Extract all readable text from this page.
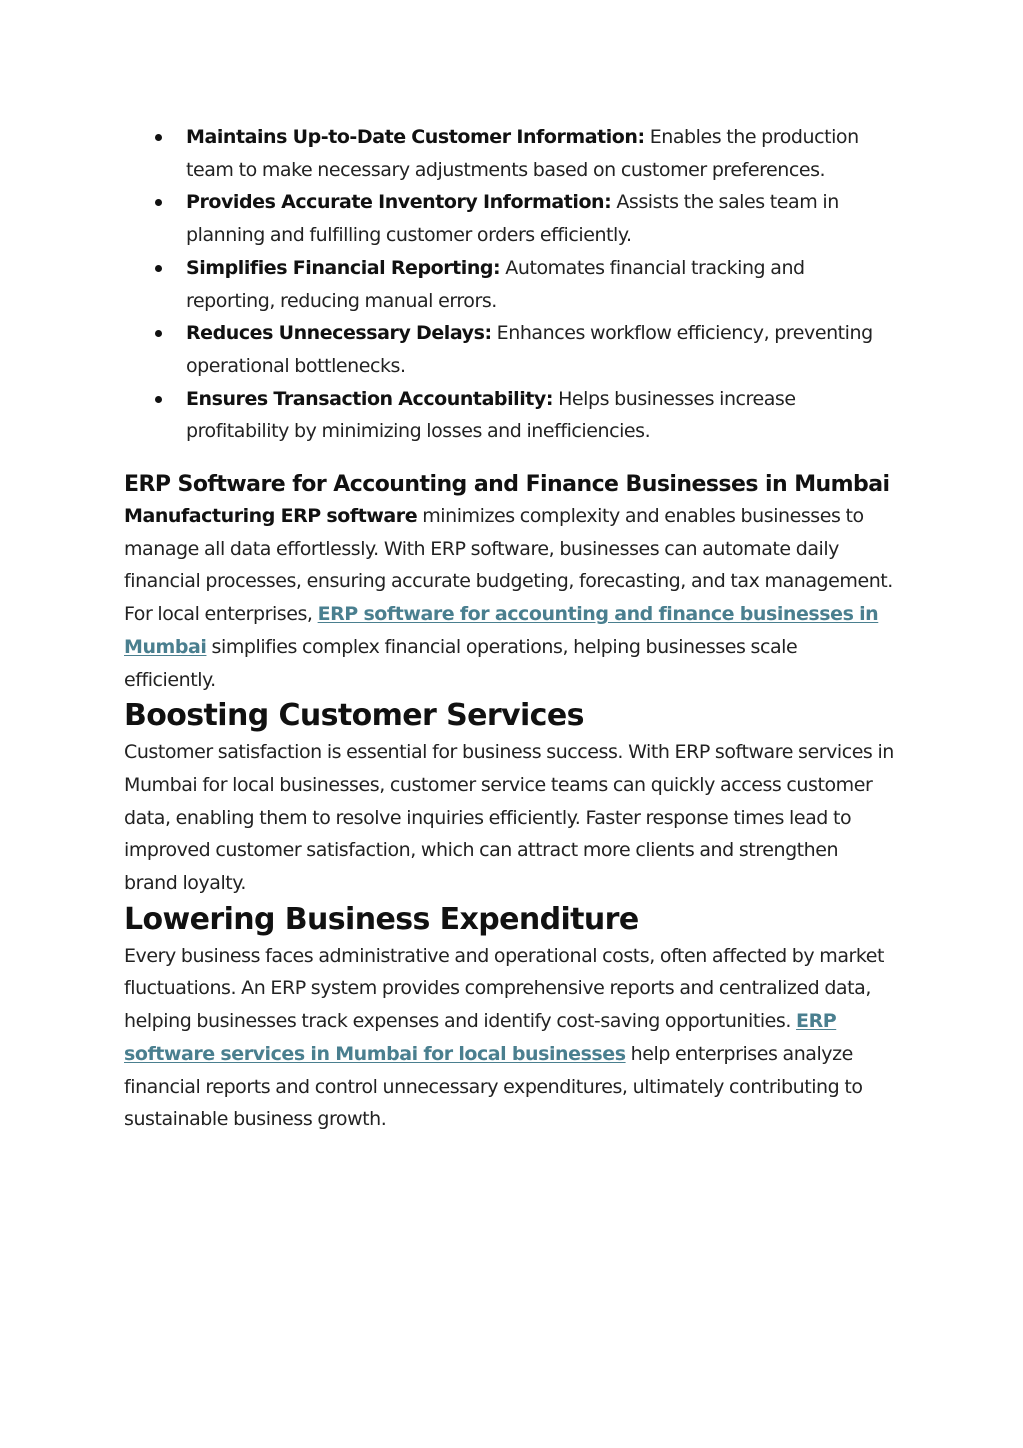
Maintains Up-to-Date Customer Information: Enables the production team to make necessary adjustments based on customer preferences.
Provides Accurate Inventory Information: Assists the sales team in planning and fulfilling customer orders efficiently.
Simplifies Financial Reporting: Automates financial tracking and reporting, reducing manual errors.
Reduces Unnecessary Delays: Enhances workflow efficiency, preventing operational bottlenecks.
Ensures Transaction Accountability: Helps businesses increase profitability by minimizing losses and inefficiencies.
ERP Software for Accounting and Finance Businesses in Mumbai

Manufacturing ERP software minimizes complexity and enables businesses to manage all data effortlessly. With ERP software, businesses can automate daily financial processes, ensuring accurate budgeting, forecasting, and tax management. For local enterprises, ERP software for accounting and finance businesses in Mumbai simplifies complex financial operations, helping businesses scale efficiently.

Boosting Customer Services

Customer satisfaction is essential for business success. With ERP software services in Mumbai for local businesses, customer service teams can quickly access customer data, enabling them to resolve inquiries efficiently. Faster response times lead to improved customer satisfaction, which can attract more clients and strengthen brand loyalty.

Lowering Business Expenditure

Every business faces administrative and operational costs, often affected by market fluctuations. An ERP system provides comprehensive reports and centralized data, helping businesses track expenses and identify cost-saving opportunities. ERP software services in Mumbai for local businesses help enterprises analyze financial reports and control unnecessary expenditures, ultimately contributing to sustainable business growth.
